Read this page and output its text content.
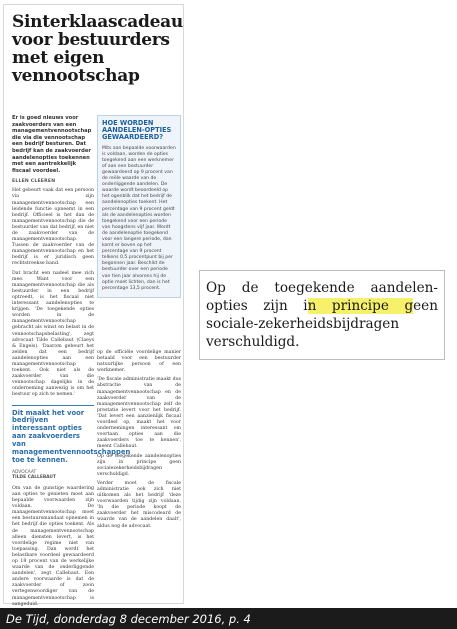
Sinterklaascadeau voor bestuurders met eigen vennootschap

Er is goed nieuws voor zaakvoerders van een managementvennootschap die via die vennootschap een bedrijf besturen. Dat bedrijf kan de zaakvoerder aandelenopties toekennen met een aantrekkelijk fiscaal voordeel.

ELLEN CLEEREN

Het gebeurt vaak dat een persoon via zijn managementvennootschap een leidende functie opneemt in een bedrijf. Officieel is het dan de managementvennootschap die de bestuurder van dat bedrijf, en niet de zaakvoerder van de managementvennootschap. Tussen de zaakvoerder van de managementvennootschap en het bedrijf is er juridisch geen rechtstreekse band.

Dat bracht een nadeel mee zich mee. Want voor een managementvennootschap die als bestuurder in een bedrijf optreedt, is het fiscaal niet interessant aandelenopties te krijgen. 'De toegekende opties worden in de managementvennootschap gebracht als winst en belast in de vennootschapsbelasting', zegt advocaat Tilde Callebaut (Claeys & Engels). 'Daarom gebeurt het zelden dat een bedrijf aandelenopties aan een managementvennootschap toekent. Ook niet als de zaakvoerder van die vennootschap dagelijks in de onderneming aanwezig is om het bestuur op zich te nemen.'

Dit maakt het voor bedrijven interessant opties aan zaakvoerders van managementvennootschappen toe te kennen.

ADVOCAAT

TILDE CALLEBAUT

Om van de gunstige waardering aan opties te genieten moet aan bepaalde voorwaarden zijn voldaan. De managementvennootschap moet een bestuursmandaat opnemen in het bedrijf die opties toekent. Als de managementvennootschap alleen diensten levert, is het voordelige regime niet van toepassing. Dan wordt het belastbare voordeel gewaardeerd op 18 procent van de werkelijke waarde van de onderliggende aandelen', zegt Callebaut. Een andere voorwaarde is dat de zaakvoerder of zoon vertegenwoordiger van de managementvennootschap is aangeduid.

HOE WORDEN AANDELEN-OPTIES GEWAARDEERD?

Mits aan bepaalde voorwaarden is voldaan, worden de opties toegekend aan een werknemer of aan een bestuurder gewaardeerd op 9 procent van de reële waarde van de onderliggende aandelen. De waarde wordt beoordeeld op het ogenblik dat het bedrijf de aandelenopties toekent. Het percentage van 9 procent geldt als de aandelenopties worden toegekend voor een periode van hoogstens vijf jaar. Wordt de aandelenoptie toegekend voor een langere periode, dan komt er boven op het percentage van 9 procent telkens 0,5 procentpunt bij per begonnen jaar. Beschikt de bestuurder over een periode van tien jaar alvorens hij de optie moet lichten, dan is het percentage 13,5 procent.

op de officiële voordelige manier betaald voor een bestuurder natuurlijke persoon of een werknemer.

'De fiscale administratie maakt dus abstractie van de managementvennootschap en de zaakvoerder van de managementvennootschap zelf de prestatie levert voor het bedrijf. 'Dat levert een aanzienlijk fiscaal voordeel op, maakt het voor ondernemingen interessant om voortaan opties aan die zaakvoerders toe te kennen', meent Callebaut.

Op de toegekende aandelenopties zijn in principe geen socialezekerheidsbijdragen verschuldigd.

Verder moet de fiscale administratie ook zich niet uitkomen als het bedrijf 'deze voorwaarden tijdig zijn voldaan. 'In die periode koopt de zaakvoerder het miscodeard de waarde van de aandelen daalt', aldus nog de advocaat.

Op de toegekende aandelen-opties zijn in principe geen sociale-zekerheidsbijdragen verschuldigd.

De Tijd, donderdag 8 december 2016, p. 4
